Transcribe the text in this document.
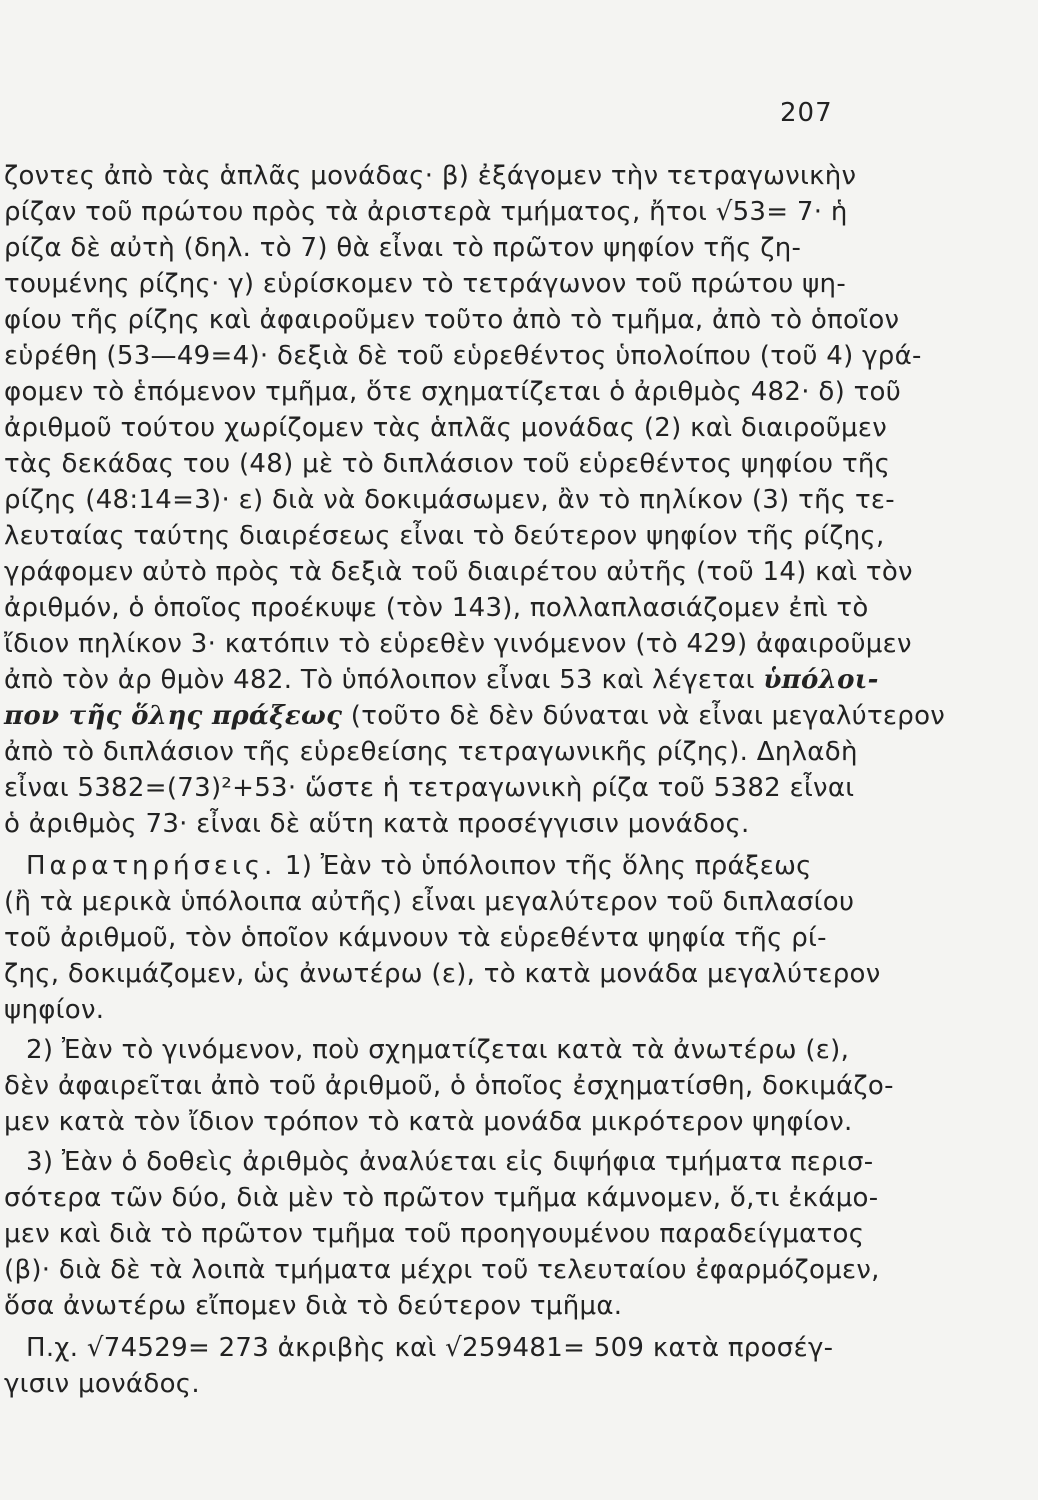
207
ζοντες ἀπὸ τὰς ἁπλᾶς μονάδας· β) ἐξάγομεν τὴν τετραγωνικὴν
ρίζαν τοῦ πρώτου πρὸς τὰ ἀριστερὰ τμήματος, ἤτοι √53= 7· ἡ
ρίζα δὲ αὐτὴ (δηλ. τὸ 7) θὰ εἶναι τὸ πρῶτον ψηφίον τῆς ζη-
τουμένης ρίζης· γ) εὑρίσκομεν τὸ τετράγωνον τοῦ πρώτου ψη-
φίου τῆς ρίζης καὶ ἀφαιροῦμεν τοῦτο ἀπὸ τὸ τμῆμα, ἀπὸ τὸ ὁποῖον
εὑρέθη (53—49=4)· δεξιὰ δὲ τοῦ εὑρεθέντος ὑπολοίπου (τοῦ 4) γρά-
φομεν τὸ ἑπόμενον τμῆμα, ὅτε σχηματίζεται ὁ ἀριθμὸς 482· δ) τοῦ
ἀριθμοῦ τούτου χωρίζομεν τὰς ἁπλᾶς μονάδας (2) καὶ διαιροῦμεν
τὰς δεκάδας του (48) μὲ τὸ διπλάσιον τοῦ εὑρεθέντος ψηφίου τῆς
ρίζης (48:14=3)· ε) διὰ νὰ δοκιμάσωμεν, ἂν τὸ πηλίκον (3) τῆς τε-
λευταίας ταύτης διαιρέσεως εἶναι τὸ δεύτερον ψηφίον τῆς ρίζης,
γράφομεν αὐτὸ πρὸς τὰ δεξιὰ τοῦ διαιρέτου αὐτῆς (τοῦ 14) καὶ τὸν
ἀριθμόν, ὁ ὁποῖος προέκυψε (τὸν 143), πολλαπλασιάζομεν ἐπὶ τὸ
ἴδιον πηλίκον 3· κατόπιν τὸ εὑρεθὲν γινόμενον (τὸ 429) ἀφαιροῦμεν
ἀπὸ τὸν ἀρ θμὸν 482. Τὸ ὑπόλοιπον εἶναι 53 καὶ λέγεται ὑπόλοι-
πον τῆς ὅλης πράξεως (τοῦτο δὲ δὲν δύναται νὰ εἶναι μεγαλύτερον
ἀπὸ τὸ διπλάσιον τῆς εὑρεθείσης τετραγωνικῆς ρίζης). Δηλαδὴ
εἶναι 5382=(73)²+53· ὥστε ἡ τετραγωνικὴ ρίζα τοῦ 5382 εἶναι
ὁ ἀριθμὸς 73· εἶναι δὲ αὕτη κατὰ προσέγγισιν μονάδος.
Παρατηρήσεις. 1) Ἐὰν τὸ ὑπόλοιπον τῆς ὅλης πράξεως
(ἢ τὰ μερικὰ ὑπόλοιπα αὐτῆς) εἶναι μεγαλύτερον τοῦ διπλασίου
τοῦ ἀριθμοῦ, τὸν ὁποῖον κάμνουν τὰ εὑρεθέντα ψηφία τῆς ρί-
ζης, δοκιμάζομεν, ὡς ἀνωτέρω (ε), τὸ κατὰ μονάδα μεγαλύτερον
ψηφίον.
2) Ἐὰν τὸ γινόμενον, ποὺ σχηματίζεται κατὰ τὰ ἀνωτέρω (ε),
δὲν ἀφαιρεῖται ἀπὸ τοῦ ἀριθμοῦ, ὁ ὁποῖος ἐσχηματίσθη, δοκιμάζο-
μεν κατὰ τὸν ἴδιον τρόπον τὸ κατὰ μονάδα μικρότερον ψηφίον.
3) Ἐὰν ὁ δοθεὶς ἀριθμὸς ἀναλύεται εἰς διψήφια τμήματα περισ-
σότερα τῶν δύο, διὰ μὲν τὸ πρῶτον τμῆμα κάμνομεν, ὅ,τι ἐκάμο-
μεν καὶ διὰ τὸ πρῶτον τμῆμα τοῦ προηγουμένου παραδείγματος
(β)· διὰ δὲ τὰ λοιπὰ τμήματα μέχρι τοῦ τελευταίου ἐφαρμόζομεν,
ὅσα ἀνωτέρω εἴπομεν διὰ τὸ δεύτερον τμῆμα.
Π.χ. √74529= 273 ἀκριβὴς καὶ √259481= 509 κατὰ προσέγ-
γισιν μονάδος.
